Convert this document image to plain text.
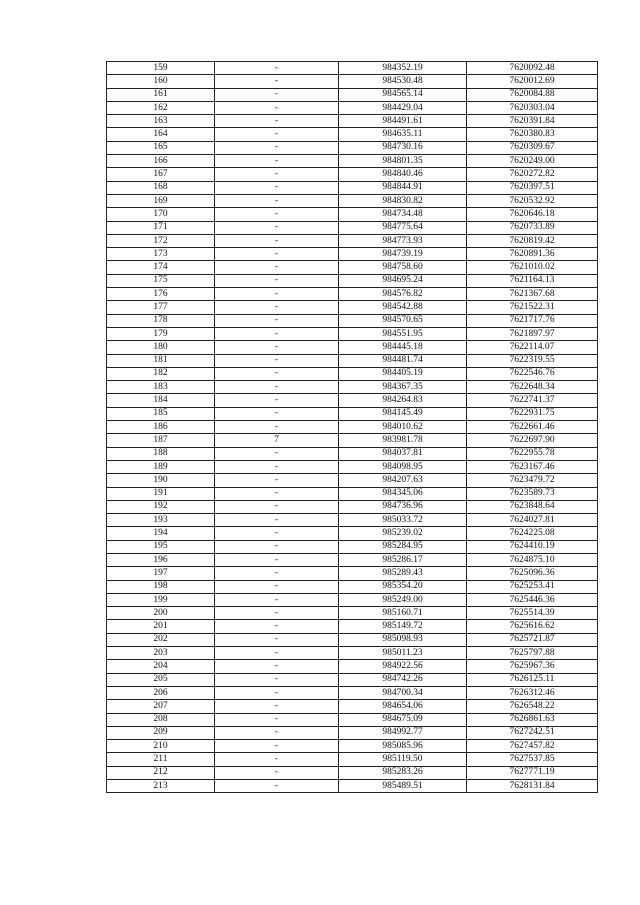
159	-	984352.19	7620092.48
160	-	984530.48	7620012.69
161	-	984565.14	7620084.88
162	-	984429.04	7620303.04
163	-	984491.61	7620391.84
164	-	984635.11	7620380.83
165	-	984730.16	7620309.67
166	-	984801.35	7620249.00
167	-	984840.46	7620272.82
168	-	984844.91	7620397.51
169	-	984830.82	7620532.92
170	-	984734.48	7620646.18
171	-	984775.64	7620733.89
172	-	984773.93	7620819.42
173	-	984739.19	7620891.36
174	-	984758.60	7621010.02
175	-	984695.24	7621164.13
176	-	984576.82	7621367.68
177	-	984542.88	7621522.31
178	-	984570.65	7621717.76
179	-	984551.95	7621897.97
180	-	984445.18	7622114.07
181	-	984481.74	7622319.55
182	-	984405.19	7622546.76
183	-	984367.35	7622648.34
184	-	984264.83	7622741.37
185	-	984145.49	7622931.75
186	-	984010.62	7622661.46
187	7	983981.78	7622697.90
188	-	984037.81	7622955.78
189	-	984098.95	7623167.46
190	-	984207.63	7623479.72
191	-	984345.06	7623589.73
192	-	984736.96	7623848.64
193	-	985033.72	7624027.81
194	-	985239.02	7624225.08
195	-	985284.95	7624410.19
196	-	985286.17	7624875.10
197	-	985289.43	7625096.36
198	-	985354.20	7625253.41
199	-	985249.00	7625446.36
200	-	985160.71	7625514.39
201	-	985149.72	7625616.62
202	-	985098.93	7625721.87
203	-	985011.23	7625797.88
204	-	984922.56	7625967.36
205	-	984742.26	7626125.11
206	-	984700.34	7626312.46
207	-	984654.06	7626548.22
208	-	984675.09	7626861.63
209	-	984992.77	7627242.51
210	-	985085.96	7627457.82
211	-	985119.50	7627537.85
212	-	985283.26	7627771.19
213	-	985489.51	7628131.84
